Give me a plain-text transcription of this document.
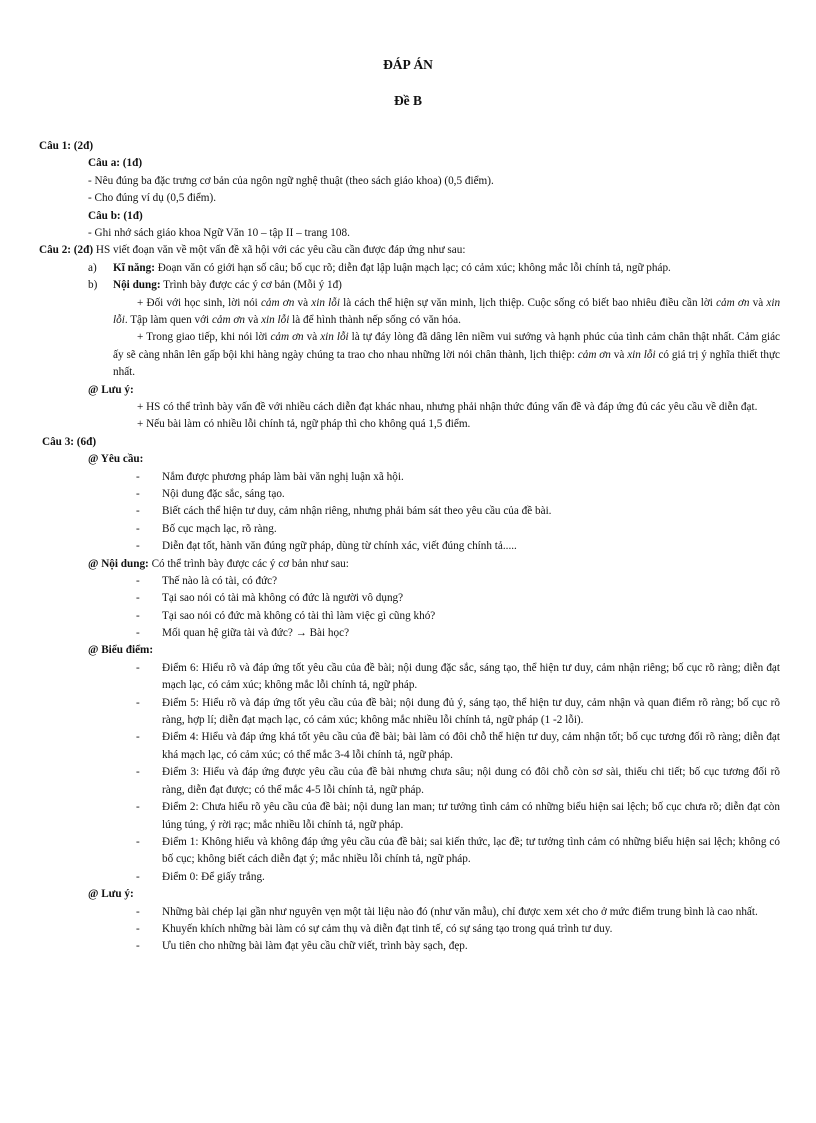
ĐÁP ÁN
Đề B
Câu 1: (2đ)
Câu a: (1đ)
- Nêu đúng ba đặc trưng cơ bản của ngôn ngữ nghệ thuật (theo sách giáo khoa) (0,5 điểm).
- Cho đúng ví dụ (0,5 điểm).
Câu b: (1đ)
- Ghi nhớ sách giáo khoa Ngữ Văn 10 – tập II – trang 108.
Câu 2: (2đ) HS viết đoạn văn về một vấn đề xã hội với các yêu cầu cần được đáp ứng như sau:
a) Kĩ năng: Đoạn văn có giới hạn số câu; bố cục rõ; diễn đạt lập luận mạch lạc; có cảm xúc; không mắc lỗi chính tả, ngữ pháp.
b) Nội dung: Trình bày được các ý cơ bản (Mỗi ý 1đ)
+ Đối với học sinh, lời nói cảm ơn và xin lỗi là cách thể hiện sự văn minh, lịch thiệp. Cuộc sống có biết bao nhiêu điều cần lời cảm ơn và xin lỗi. Tập làm quen với cảm ơn và xin lỗi là để hình thành nếp sống có văn hóa.
+ Trong giao tiếp, khi nói lời cảm ơn và xin lỗi là tự đáy lòng đã dâng lên niềm vui sướng và hạnh phúc của tình cảm chân thật nhất. Cảm giác ấy sẽ càng nhân lên gấp bội khi hàng ngày chúng ta trao cho nhau những lời nói chân thành, lịch thiệp: cảm ơn và xin lỗi có giá trị ý nghĩa thiết thực nhất.
@ Lưu ý:
+ HS có thể trình bày vấn đề với nhiều cách diễn đạt khác nhau, nhưng phải nhận thức đúng vấn đề và đáp ứng đủ các yêu cầu về diễn đạt.
+ Nếu bài làm có nhiều lỗi chính tả, ngữ pháp thì cho không quá 1,5 điểm.
Câu 3: (6đ)
@ Yêu cầu:
- Nắm được phương pháp làm bài văn nghị luận xã hội.
- Nội dung đặc sắc, sáng tạo.
- Biết cách thể hiện tư duy, cảm nhận riêng, nhưng phải bám sát theo yêu cầu của đề bài.
- Bố cục mạch lạc, rõ ràng.
- Diễn đạt tốt, hành văn đúng ngữ pháp, dùng từ chính xác, viết đúng chính tả.....
@ Nội dung: Có thể trình bày được các ý cơ bản như sau:
- Thế nào là có tài, có đức?
- Tại sao nói có tài mà không có đức là người vô dụng?
- Tại sao nói có đức mà không có tài thì làm việc gì cũng khó?
- Mối quan hệ giữa tài và đức? → Bài học?
@ Biểu điểm:
- Điểm 6: Hiểu rõ và đáp ứng tốt yêu cầu của đề bài; nội dung đặc sắc, sáng tạo, thể hiện tư duy, cảm nhận riêng; bố cục rõ ràng; diễn đạt mạch lạc, có cảm xúc; không mắc lỗi chính tả, ngữ pháp.
- Điểm 5: Hiểu rõ và đáp ứng tốt yêu cầu của đề bài; nội dung đủ ý, sáng tạo, thể hiện tư duy, cảm nhận và quan điểm rõ ràng; bố cục rõ ràng, hợp lí; diễn đạt mạch lạc, có cảm xúc; không mắc nhiều lỗi chính tả, ngữ pháp (1 -2 lỗi).
- Điểm 4: Hiểu và đáp ứng khá tốt yêu cầu của đề bài; bài làm có đôi chỗ thể hiện tư duy, cảm nhận tốt; bố cục tương đối rõ ràng; diễn đạt khá mạch lạc, có cảm xúc; có thể mắc 3-4 lỗi chính tả, ngữ pháp.
- Điểm 3: Hiểu và đáp ứng được yêu cầu của đề bài nhưng chưa sâu; nội dung có đôi chỗ còn sơ sài, thiếu chi tiết; bố cục tương đối rõ ràng, diễn đạt được; có thể mắc 4-5 lỗi chính tả, ngữ pháp.
- Điểm 2: Chưa hiểu rõ yêu cầu của đề bài; nội dung lan man; tư tưởng tình cảm có những biểu hiện sai lệch; bố cục chưa rõ; diễn đạt còn lúng túng, ý rời rạc; mắc nhiều lỗi chính tả, ngữ pháp.
- Điểm 1: Không hiểu và không đáp ứng yêu cầu của đề bài; sai kiến thức, lạc đề; tư tưởng tình cảm có những biểu hiện sai lệch; không có bố cục; không biết cách diễn đạt ý; mắc nhiều lỗi chính tả, ngữ pháp.
- Điểm 0: Để giấy trắng.
@ Lưu ý:
- Những bài chép lại gần như nguyên vẹn một tài liệu nào đó (như văn mẫu), chỉ được xem xét cho ở mức điểm trung bình là cao nhất.
- Khuyến khích những bài làm có sự cảm thụ và diễn đạt tinh tế, có sự sáng tạo trong quá trình tư duy.
- Ưu tiên cho những bài làm đạt yêu cầu chữ viết, trình bày sạch, đẹp.
